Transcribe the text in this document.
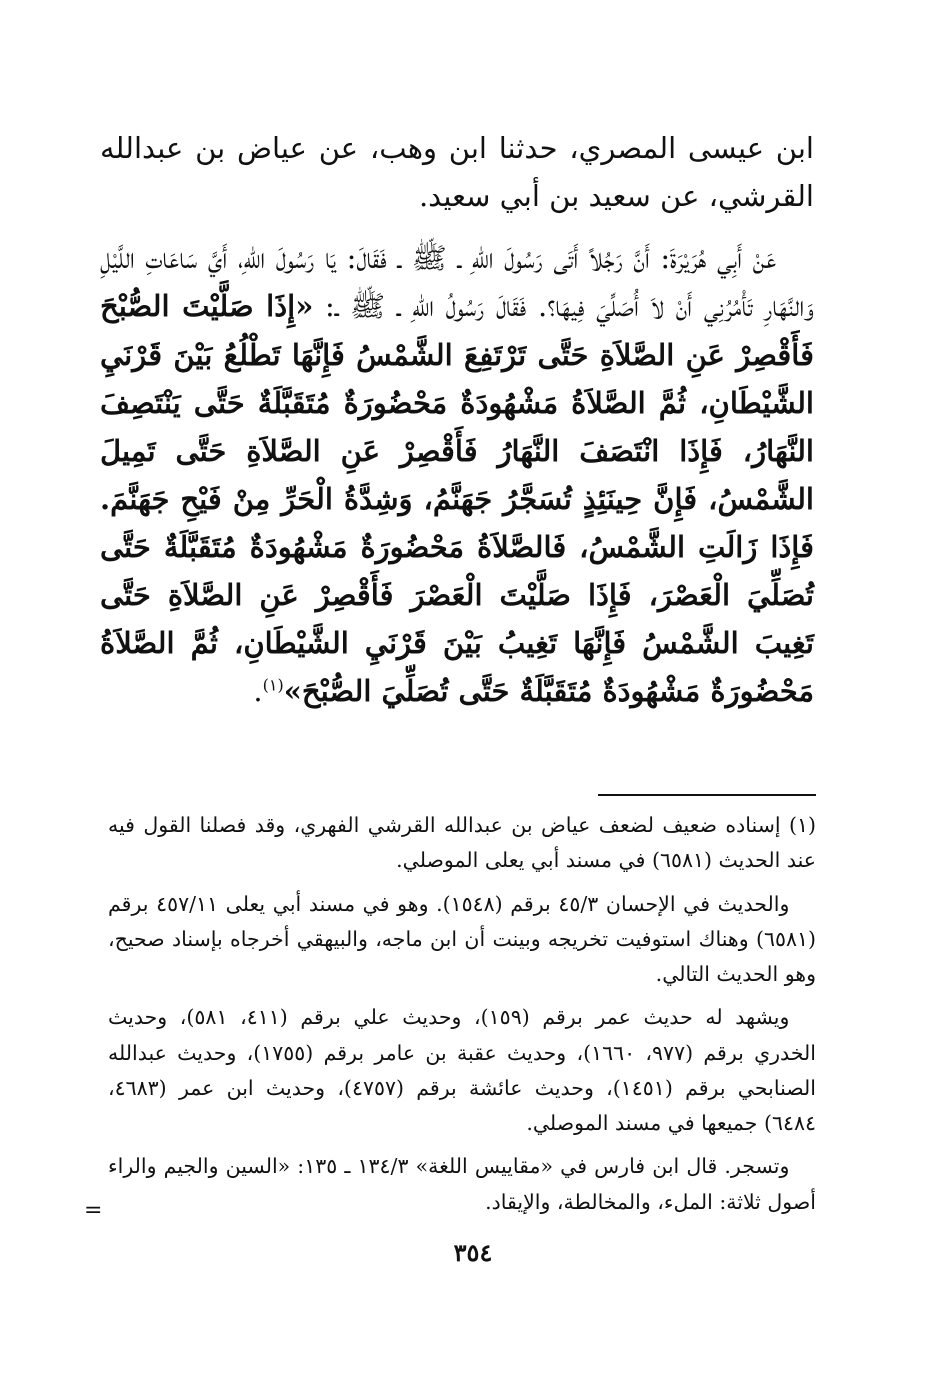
ابن عيسى المصري، حدثنا ابن وهب، عن عياض بن عبدالله القرشي، عن سعيد بن أبي سعيد.

عَنْ أَبِي هُرَيْرَةَ: أَنَّ رَجُلاً أَتَى رَسُولَ اللهِ ـ ﷺ ـ فَقَالَ: يَا رَسُولَ اللهِ، أَيَّ سَاعَاتِ اللَّيْلِ وَالنَّهَارِ تَأْمُرُنِي أَنْ لاَ أُصَلِّيَ فِيهَا؟. فَقَالَ رَسُولُ اللهِ ـ ﷺ ـ: «إِذَا صَلَّيْتَ الصُّبْحَ فَأَقْصِرْ عَنِ الصَّلاَةِ حَتَّى تَرْتَفِعَ الشَّمْسُ فَإِنَّهَا تَطْلُعُ بَيْنَ قَرْنَيِ الشَّيْطَانِ، ثُمَّ الصَّلاَةُ مَشْهُودَةٌ مَحْضُورَةٌ مُتَقَبَّلَةٌ حَتَّى يَنْتَصِفَ النَّهَارُ، فَإِذَا انْتَصَفَ النَّهَارُ فَأَقْصِرْ عَنِ الصَّلاَةِ حَتَّى تَمِيلَ الشَّمْسُ، فَإِنَّ حِينَئِذٍ تُسَجَّرُ جَهَنَّمُ، وَشِدَّةُ الْحَرِّ مِنْ فَيْحِ جَهَنَّمَ. فَإِذَا زَالَتِ الشَّمْسُ، فَالصَّلاَةُ مَحْضُورَةٌ مَشْهُودَةٌ مُتَقَبَّلَةٌ حَتَّى تُصَلِّيَ الْعَصْرَ، فَإِذَا صَلَّيْتَ الْعَصْرَ فَأَقْصِرْ عَنِ الصَّلاَةِ حَتَّى تَغِيبَ الشَّمْسُ فَإِنَّهَا تَغِيبُ بَيْنَ قَرْنَيِ الشَّيْطَانِ، ثُمَّ الصَّلاَةُ مَحْضُورَةٌ مَشْهُودَةٌ مُتَقَبَّلَةٌ حَتَّى تُصَلِّيَ الصُّبْحَ»$^{(١)}$.

(١) إسناده ضعيف لضعف عياض بن عبدالله القرشي الفهري، وقد فصلنا القول فيه عند الحديث (٦٥٨١) في مسند أبي يعلى الموصلي.

والحديث في الإحسان ٤٥/٣ برقم (١٥٤٨). وهو في مسند أبي يعلى ٤٥٧/١١ برقم (٦٥٨١) وهناك استوفيت تخريجه وبينت أن ابن ماجه، والبيهقي أخرجاه بإسناد صحيح، وهو الحديث التالي.

ويشهد له حديث عمر برقم (١٥٩)، وحديث علي برقم (٤١١، ٥٨١)، وحديث الخدري برقم (٩٧٧، ١٦٦٠)، وحديث عقبة بن عامر برقم (١٧٥٥)، وحديث عبدالله الصنابحي برقم (١٤٥١)، وحديث عائشة برقم (٤٧٥٧)، وحديث ابن عمر (٤٦٨٣، ٦٤٨٤) جميعها في مسند الموصلي.

وتسجر. قال ابن فارس في «مقاييس اللغة» ١٣٤/٣ ـ ١٣٥: «السين والجيم والراء أصول ثلاثة: الملء، والمخالطة، والإيقاد.

=
٣٥٤
